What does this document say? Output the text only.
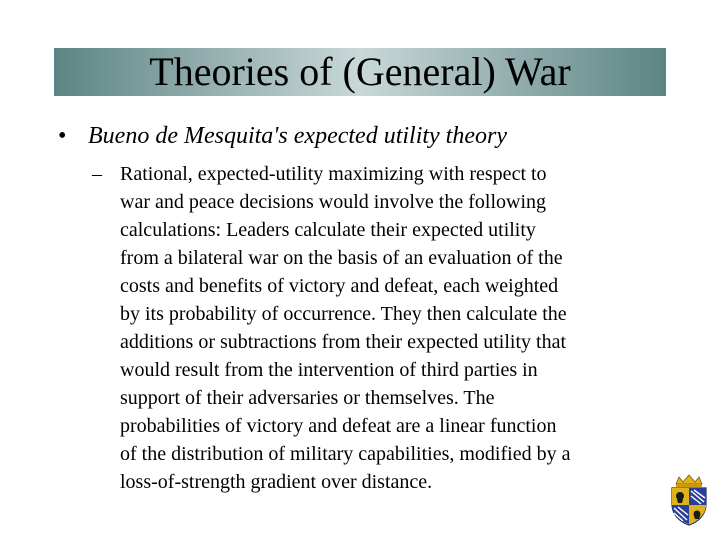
Theories of (General) War
• Bueno de Mesquita's expected utility theory
– Rational, expected-utility maximizing with respect to
war and peace decisions would involve the following
calculations: Leaders calculate their expected utility
from a bilateral war on the basis of an evaluation of the
costs and benefits of victory and defeat, each weighted
by its probability of occurrence. They then calculate the
additions or subtractions from their expected utility that
would result from the intervention of third parties in
support of their adversaries or themselves. The
probabilities of victory and defeat are a linear function
of the distribution of military capabilities, modified by a
loss-of-strength gradient over distance.
